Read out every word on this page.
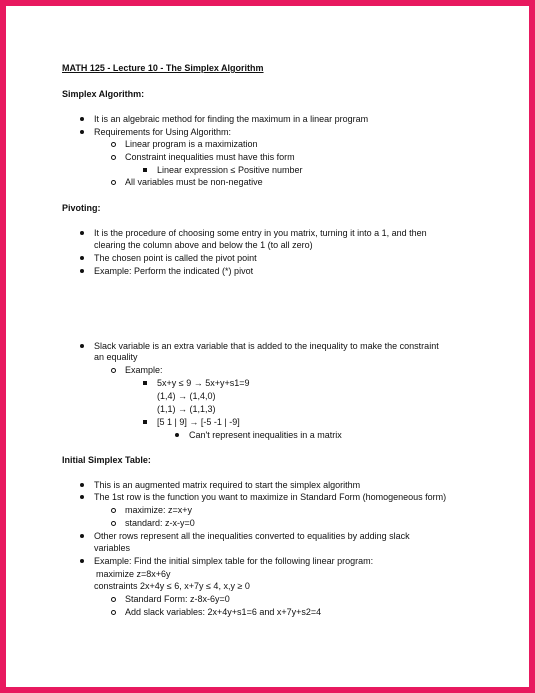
MATH 125 - Lecture 10 - The Simplex Algorithm
Simplex Algorithm:
It is an algebraic method for finding the maximum in a linear program
Requirements for Using Algorithm:
Linear program is a maximization
Constraint inequalities must have this form
Linear expression ≤ Positive number
All variables must be non-negative
Pivoting:
It is the procedure of choosing some entry in you matrix, turning it into a 1, and then
clearing the column above and below the 1 (to all zero)
The chosen point is called the pivot point
Example: Perform the indicated (*) pivot
Slack variable is an extra variable that is added to the inequality to make the constraint
an equality
Example:
5x+y ≤ 9 → 5x+y+s1=9
(1,4) → (1,4,0)
(1,1) → (1,1,3)
[5 1 | 9] → [-5 -1 | -9]
Can't represent inequalities in a matrix
Initial Simplex Table:
This is an augmented matrix required to start the simplex algorithm
The 1st row is the function you want to maximize in Standard Form (homogeneous form)
maximize: z=x+y
standard: z-x-y=0
Other rows represent all the inequalities converted to equalities by adding slack
variables
Example: Find the initial simplex table for the following linear program:
maximize z=8x+6y
constraints 2x+4y ≤ 6, x+7y ≤ 4, x,y ≥ 0
Standard Form: z-8x-6y=0
Add slack variables: 2x+4y+s1=6 and x+7y+s2=4
